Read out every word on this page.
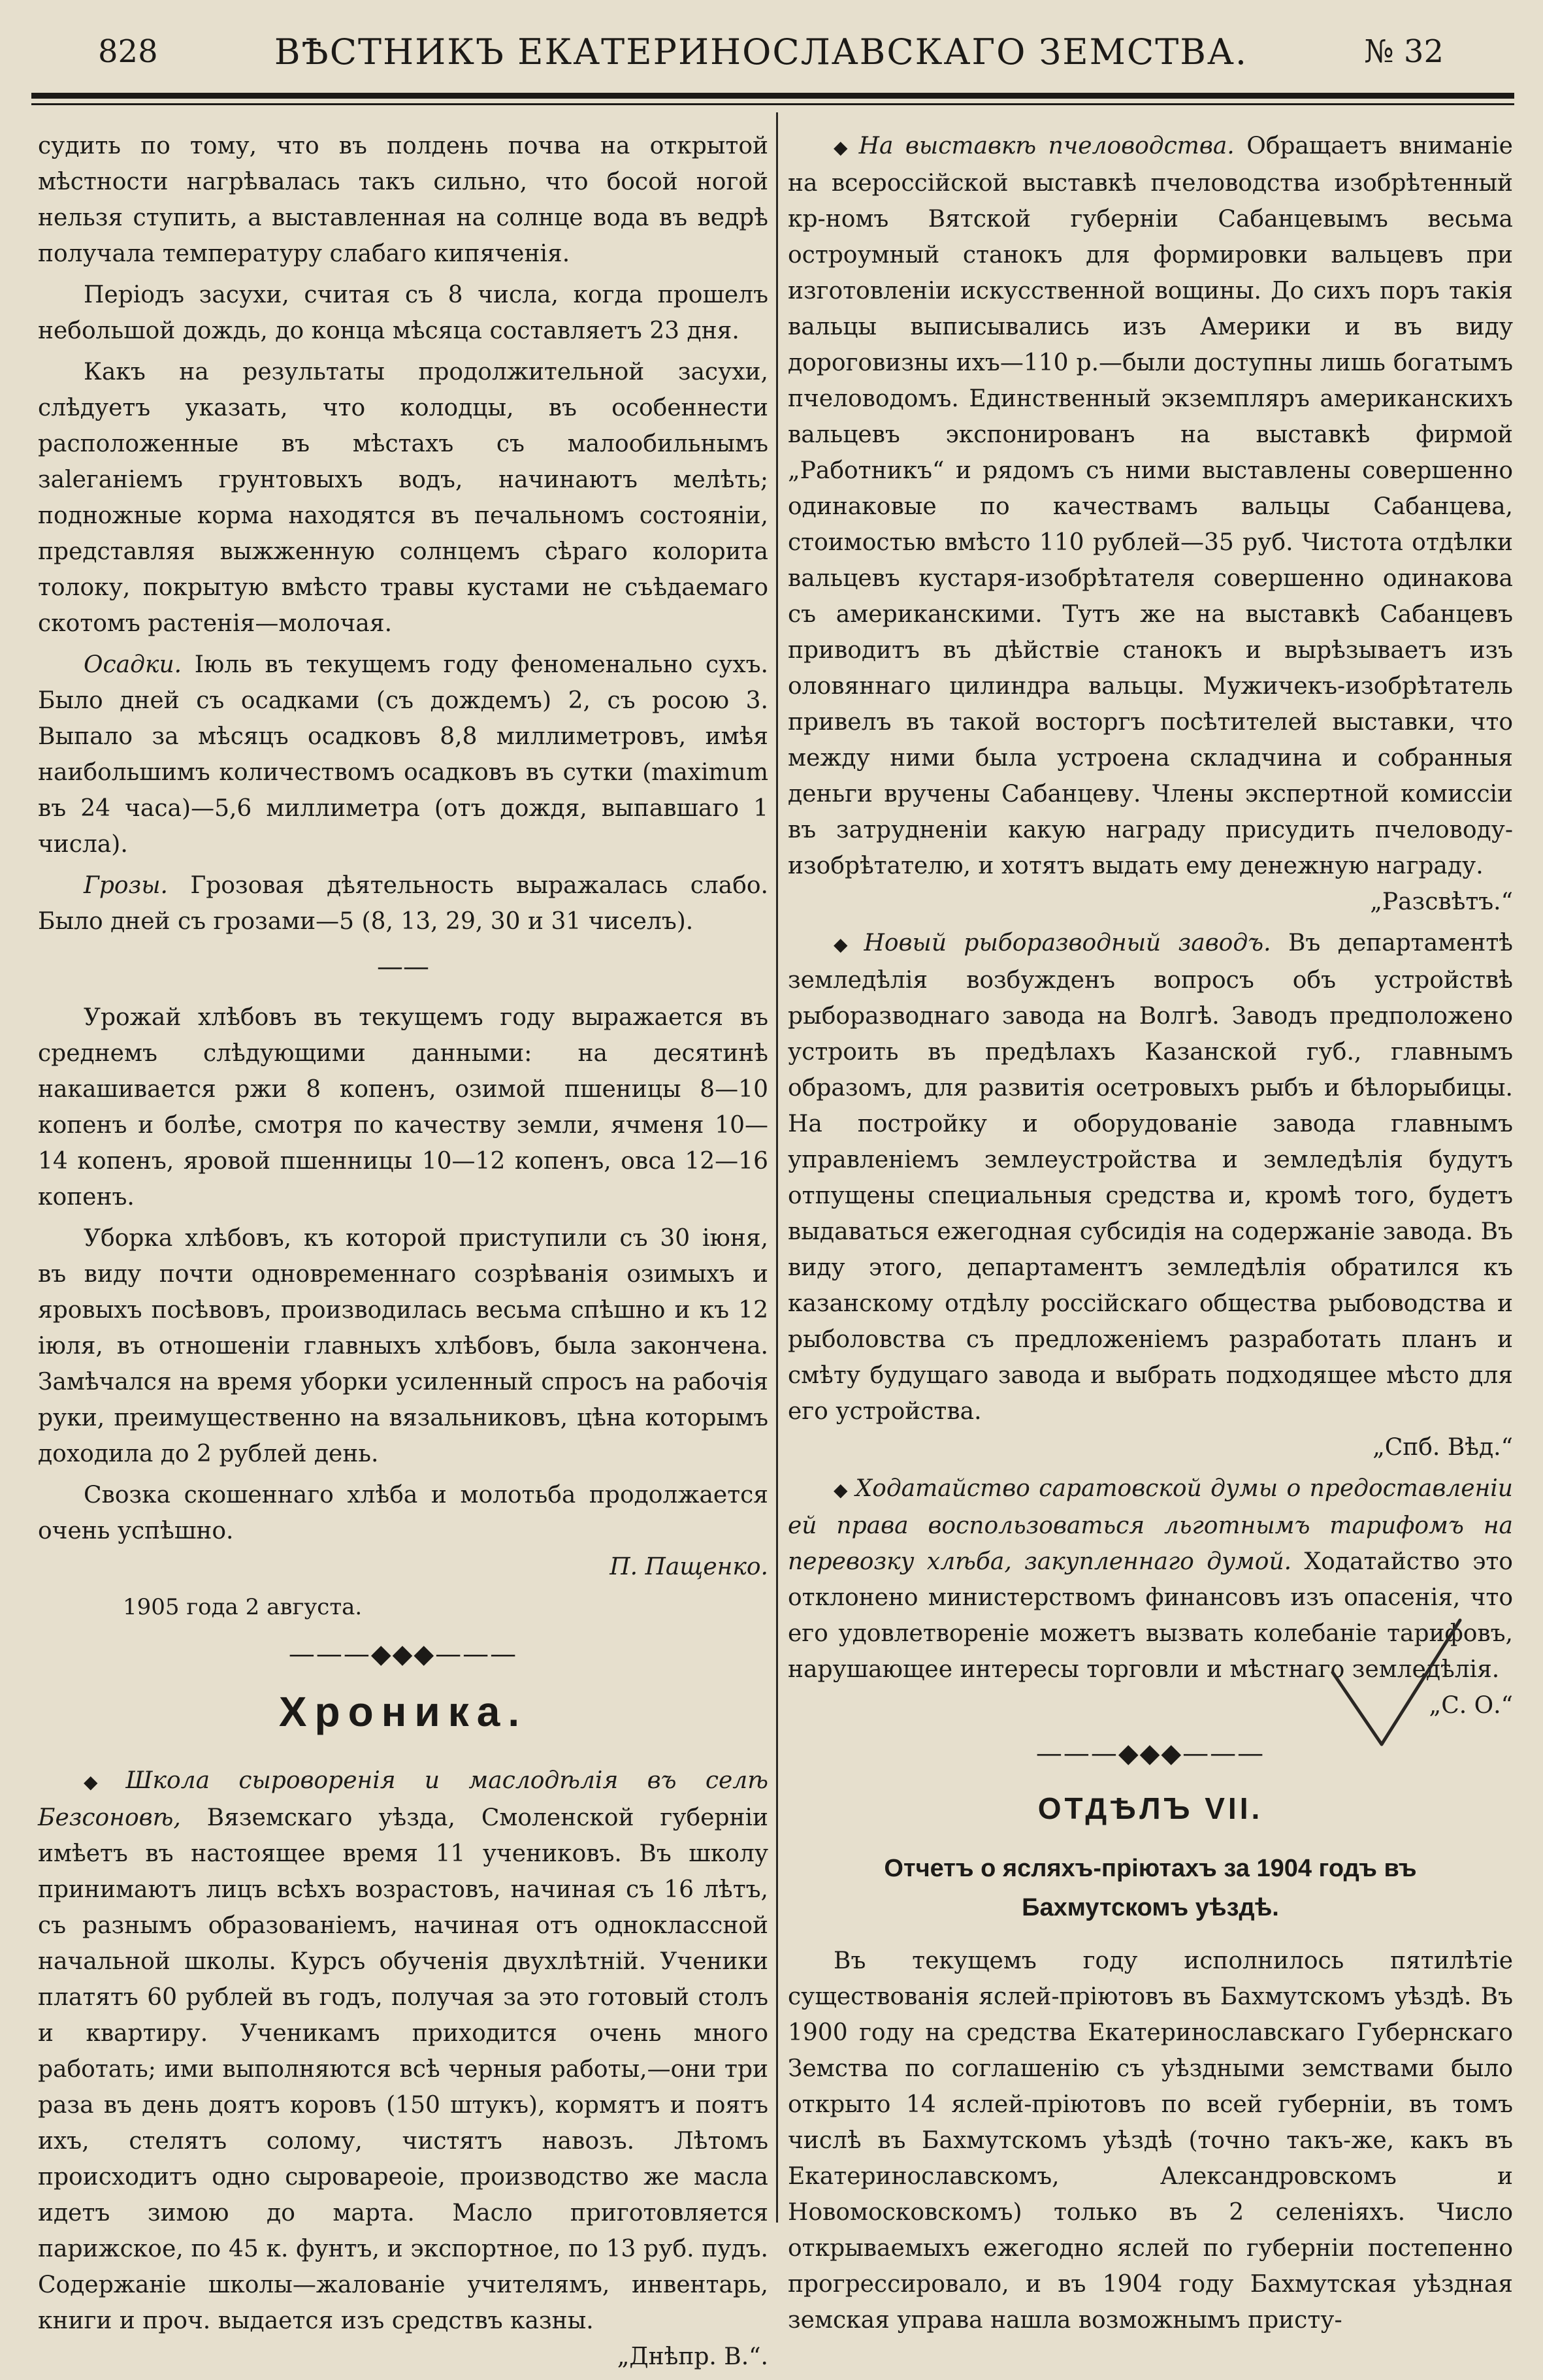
828	ВѢСТНИКЪ ЕКАТЕРИНОСЛАВСКАГО ЗЕМСТВА.	№ 32

судить по тому, что въ полдень почва на открытой мѣстности нагрѣвалась такъ сильно, что босой ногой нельзя ступить, а выставленная на солнце вода въ ведрѣ получала температуру слабаго кипяченія.

Періодъ засухи, считая съ 8 числа, когда прошелъ небольшой дождь, до конца мѣсяца составляетъ 23 дня.

Какъ на результаты продолжительной засухи, слѣдуетъ указать, что колодцы, въ особеннести расположенные въ мѣстахъ съ малообильнымъ заleганіемъ грунтовыхъ водъ, начинаютъ мелѣть; подножные корма находятся въ печальномъ состояніи, представляя выжженную солнцемъ сѣраго колорита толоку, покрытую вмѣсто травы кустами не съѣдаемаго скотомъ растенія—молочая.

Осадки. Іюль въ текущемъ году феноменально сухъ. Было дней съ осадками (съ дождемъ) 2, съ росою 3. Выпало за мѣсяцъ осадковъ 8,8 миллиметровъ, имѣя наибольшимъ количествомъ осадковъ въ сутки (maximum въ 24 часа)—5,6 миллиметра (отъ дождя, выпавшаго 1 числа).

Грозы. Грозовая дѣятельность выражалась слабо. Было дней съ грозами—5 (8, 13, 29, 30 и 31 чиселъ).

——

Урожай хлѣбовъ въ текущемъ году выражается въ среднемъ слѣдующими данными: на десятинѣ накашивается ржи 8 копенъ, озимой пшеницы 8—10 копенъ и болѣе, смотря по качеству земли, ячменя 10—14 копенъ, яровой пшенницы 10—12 копенъ, овса 12—16 копенъ.

Уборка хлѣбовъ, къ которой приступили съ 30 іюня, въ виду почти одновременнаго созрѣванія озимыхъ и яровыхъ посѣвовъ, производилась весьма спѣшно и къ 12 іюля, въ отношеніи главныхъ хлѣбовъ, была закончена. Замѣчался на время уборки усиленный спросъ на рабочія руки, преимущественно на вязальниковъ, цѣна которымъ доходила до 2 рублей день.

Свозка скошеннаго хлѣба и молотьба продолжается очень успѣшно.
П. Пащенко.

1905 года 2 августа.
———◆◆◆———
Хроника.

◆ Школа сыроворенія и маслодѣлія въ селѣ Безсоновѣ, Вяземскаго уѣзда, Смоленской губерніи имѣетъ въ настоящее время 11 учениковъ. Въ школу принимаютъ лицъ всѣхъ возрастовъ, начиная съ 16 лѣтъ, съ разнымъ образованіемъ, начиная отъ одноклассной начальной школы. Курсъ обученія двухлѣтній. Ученики платятъ 60 рублей въ годъ, получая за это готовый столъ и квартиру. Ученикамъ приходится очень много работать; ими выполняются всѣ черныя работы,—они три раза въ день доятъ коровъ (150 штукъ), кормятъ и поятъ ихъ, стелятъ солому, чистятъ навозъ. Лѣтомъ происходитъ одно сыровареоіе, производство же масла идетъ зимою до марта. Масло приготовляется парижское, по 45 к. фунтъ, и экспортное, по 13 руб. пудъ. Содержаніе школы—жалованіе учителямъ, инвентарь, книги и проч. выдается изъ средствъ казны.
„Днѣпр. В.“.

◆ На выставкѣ пчеловодства. Обращаетъ вниманіе на всероссійской выставкѣ пчеловодства изобрѣтенный кр-номъ Вятской губерніи Сабанцевымъ весьма остроумный станокъ для формировки вальцевъ при изготовленіи искусственной вощины. До сихъ поръ такія вальцы выписывались изъ Америки и въ виду дороговизны ихъ—110 р.—были доступны лишь богатымъ пчеловодомъ. Единственный экземпляръ американскихъ вальцевъ экспонированъ на выставкѣ фирмой „Работникъ“ и рядомъ съ ними выставлены совершенно одинаковые по качествамъ вальцы Сабанцева, стоимостью вмѣсто 110 рублей—35 руб. Чистота отдѣлки вальцевъ кустаря-изобрѣтателя совершенно одинакова съ американскими. Тутъ же на выставкѣ Сабанцевъ приводитъ въ дѣйствіе станокъ и вырѣзываетъ изъ оловяннаго цилиндра вальцы. Мужичекъ-изобрѣтатель привелъ въ такой восторгъ посѣтителей выставки, что между ними была устроена складчина и собранныя деньги вручены Сабанцеву. Члены экспертной комиссіи въ затрудненіи какую награду присудить пчеловоду-изобрѣтателю, и хотятъ выдать ему денежную награду.
„Разсвѣтъ.“

◆ Новый рыборазводный заводъ. Въ департаментѣ земледѣлія возбужденъ вопросъ объ устройствѣ рыборазводнаго завода на Волгѣ. Заводъ предположено устроить въ предѣлахъ Казанской губ., главнымъ образомъ, для развитія осетровыхъ рыбъ и бѣлорыбицы. На постройку и оборудованіе завода главнымъ управленіемъ землеустройства и земледѣлія будутъ отпущены специальныя средства и, кромѣ того, будетъ выдаваться ежегодная субсидія на содержаніе завода. Въ виду этого, департаментъ земледѣлія обратился къ казанскому отдѣлу россійскаго общества рыбоводства и рыболовства съ предложеніемъ разработать планъ и смѣту будущаго завода и выбрать подходящее мѣсто для его устройства.
„Спб. Вѣд.“

◆ Ходатайство саратовской думы о предоставленіи ей права воспользоваться льготнымъ тарифомъ на перевозку хлѣба, закупленнаго думой. Ходатайство это отклонено министерствомъ финансовъ изъ опасенія, что его удовлетвореніе можетъ вызвать колебаніе тарифовъ, нарушающее интересы торговли и мѣстнаго земледѣлія.
„С. О.“

———◆◆◆———
ОТДѢЛЪ VII.
Отчетъ о ясляхъ-пріютахъ за 1904 годъ въ Бахмутскомъ уѣздѣ.

Въ текущемъ году исполнилось пятилѣтіе существованія яслей-пріютовъ въ Бахмутскомъ уѣздѣ. Въ 1900 году на средства Екатеринославскаго Губернскаго Земства по соглашенію съ уѣздными земствами было открыто 14 яслей-пріютовъ по всей губерніи, въ томъ числѣ въ Бахмутскомъ уѣздѣ (точно такъ-же, какъ въ Екатеринославскомъ, Александровскомъ и Новомосковскомъ) только въ 2 селеніяхъ. Число открываемыхъ ежегодно яслей по губерніи постепенно прогрессировало, и въ 1904 году Бахмутская уѣздная земская управа нашла возможнымъ присту-
